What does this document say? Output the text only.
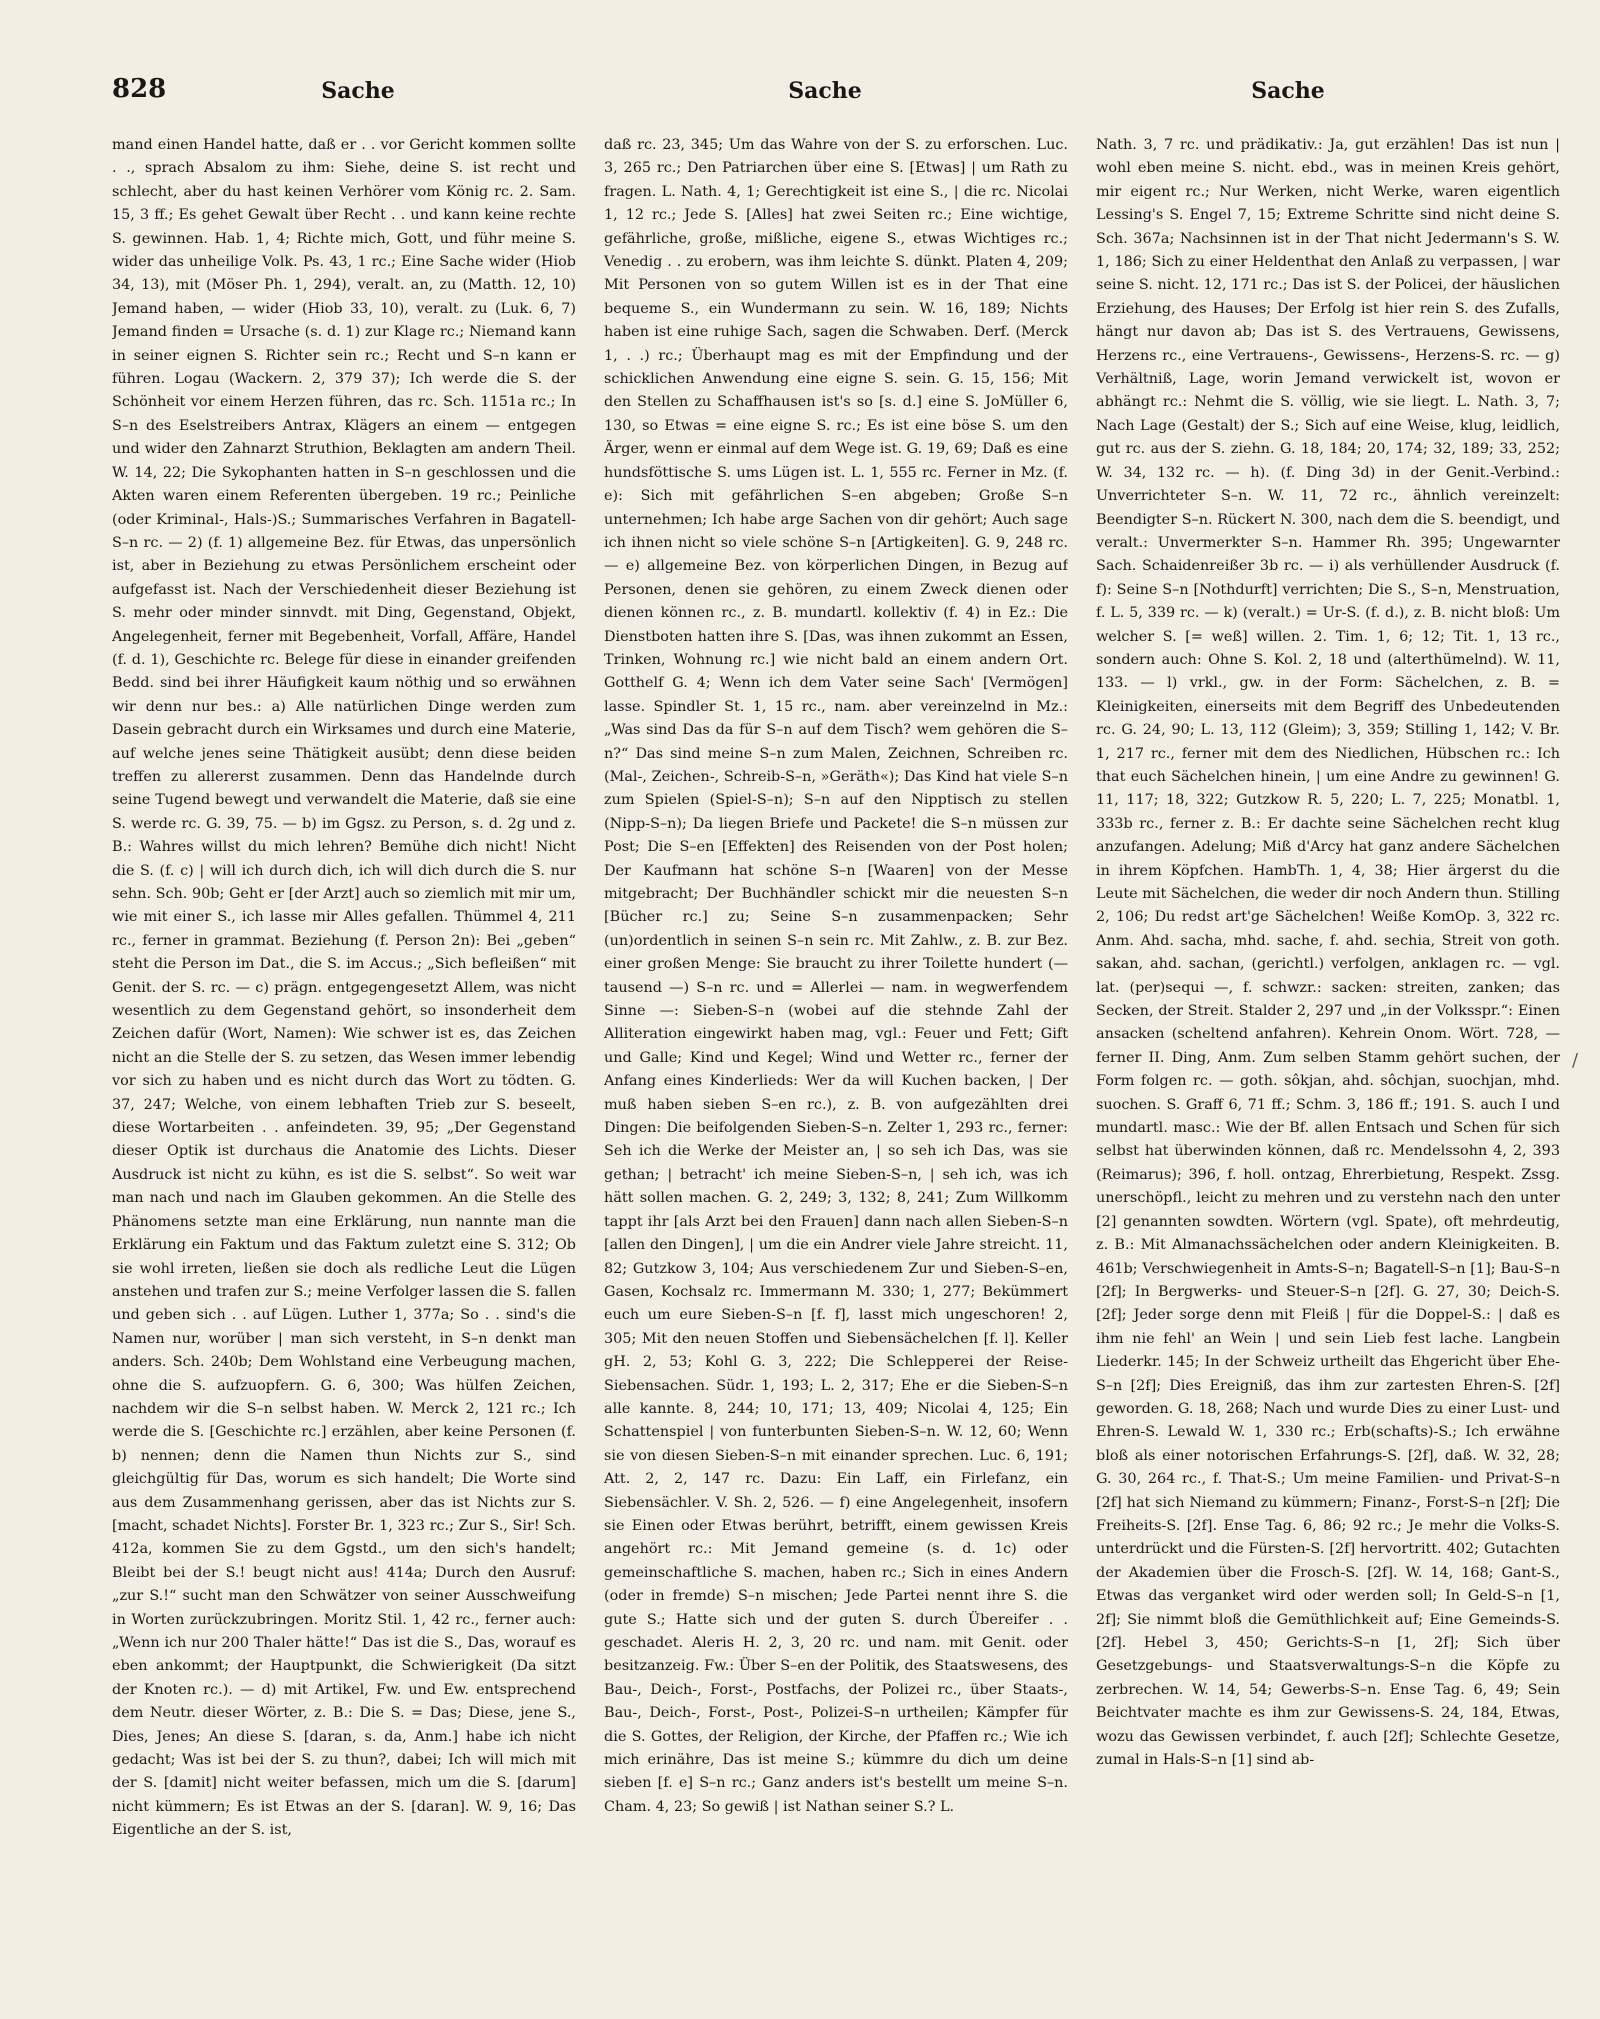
828	Sache	Sache	Sache

mand einen Handel hatte, daß er . . vor Gericht kommen sollte . ., sprach Absalom zu ihm: Siehe, deine S. ist recht und schlecht, aber du hast keinen Verhörer vom König rc. 2. Sam. 15, 3 ff.; Es gehet Gewalt über Recht . . und kann keine rechte S. gewinnen. Hab. 1, 4; Richte mich, Gott, und führ meine S. wider das unheilige Volk. Ps. 43, 1 rc.; Eine Sache wider (Hiob 34, 13), mit (Möser Ph. 1, 294), veralt. an, zu (Matth. 12, 10) Jemand haben, — wider (Hiob 33, 10), veralt. zu (Luk. 6, 7) Jemand finden = Ursache (s. d. 1) zur Klage rc.; Niemand kann in seiner eignen S. Richter sein rc.; Recht und S–n kann er führen. Logau (Wackern. 2, 379 37); Ich werde die S. der Schönheit vor einem Herzen führen, das rc. Sch. 1151a rc.; In S–n des Eselstreibers Antrax, Klägers an einem — entgegen und wider den Zahnarzt Struthion, Beklagten am andern Theil. W. 14, 22; Die Sykophanten hatten in S–n geschlossen und die Akten waren einem Referenten übergeben. 19 rc.; Peinliche (oder Kriminal-, Hals-)S.; Summarisches Verfahren in Bagatell-S–n rc. — 2) (f. 1) allgemeine Bez. für Etwas, das unpersönlich ist, aber in Beziehung zu etwas Persönlichem erscheint oder aufgefasst ist. Nach der Verschiedenheit dieser Beziehung ist S. mehr oder minder sinnvdt. mit Ding, Gegenstand, Objekt, Angelegenheit, ferner mit Begebenheit, Vorfall, Affäre, Handel (f. d. 1), Geschichte rc. Belege für diese in einander greifenden Bedd. sind bei ihrer Häufigkeit kaum nöthig und so erwähnen wir denn nur bes.: a) Alle natürlichen Dinge werden zum Dasein gebracht durch ein Wirksames und durch eine Materie, auf welche jenes seine Thätigkeit ausübt; denn diese beiden treffen zu allererst zusammen. Denn das Handelnde durch seine Tugend bewegt und verwandelt die Materie, daß sie eine S. werde rc. G. 39, 75. — b) im Ggsz. zu Person, s. d. 2g und z. B.: Wahres willst du mich lehren? Bemühe dich nicht! Nicht die S. (f. c) | will ich durch dich, ich will dich durch die S. nur sehn. Sch. 90b; Geht er [der Arzt] auch so ziemlich mit mir um, wie mit einer S., ich lasse mir Alles gefallen. Thümmel 4, 211 rc., ferner in grammat. Beziehung (f. Person 2n): Bei „geben“ steht die Person im Dat., die S. im Accus.; „Sich befleißen“ mit Genit. der S. rc. — c) prägn. entgegengesetzt Allem, was nicht wesentlich zu dem Gegenstand gehört, so insonderheit dem Zeichen dafür (Wort, Namen): Wie schwer ist es, das Zeichen nicht an die Stelle der S. zu setzen, das Wesen immer lebendig vor sich zu haben und es nicht durch das Wort zu tödten. G. 37, 247; Welche, von einem lebhaften Trieb zur S. beseelt, diese Wortarbeiten . . anfeindeten. 39, 95; „Der Gegenstand dieser Optik ist durchaus die Anatomie des Lichts. Dieser Ausdruck ist nicht zu kühn, es ist die S. selbst“. So weit war man nach und nach im Glauben gekommen. An die Stelle des Phänomens setzte man eine Erklärung, nun nannte man die Erklärung ein Faktum und das Faktum zuletzt eine S. 312; Ob sie wohl irreten, ließen sie doch als redliche Leut die Lügen anstehen und trafen zur S.; meine Verfolger lassen die S. fallen und geben sich . . auf Lügen. Luther 1, 377a; So . . sind's die Namen nur, worüber | man sich versteht, in S–n denkt man anders. Sch. 240b; Dem Wohlstand eine Verbeugung machen, ohne die S. aufzuopfern. G. 6, 300; Was hülfen Zeichen, nachdem wir die S–n selbst haben. W. Merck 2, 121 rc.; Ich werde die S. [Geschichte rc.] erzählen, aber keine Personen (f. b) nennen; denn die Namen thun Nichts zur S., sind gleichgültig für Das, worum es sich handelt; Die Worte sind aus dem Zusammenhang gerissen, aber das ist Nichts zur S. [macht, schadet Nichts]. Forster Br. 1, 323 rc.; Zur S., Sir! Sch. 412a, kommen Sie zu dem Ggstd., um den sich's handelt; Bleibt bei der S.! beugt nicht aus! 414a; Durch den Ausruf: „zur S.!“ sucht man den Schwätzer von seiner Ausschweifung in Worten zurückzubringen. Moritz Stil. 1, 42 rc., ferner auch: „Wenn ich nur 200 Thaler hätte!“ Das ist die S., Das, worauf es eben ankommt; der Hauptpunkt, die Schwierigkeit (Da sitzt der Knoten rc.). — d) mit Artikel, Fw. und Ew. entsprechend dem Neutr. dieser Wörter, z. B.: Die S. = Das; Diese, jene S., Dies, Jenes; An diese S. [daran, s. da, Anm.] habe ich nicht gedacht; Was ist bei der S. zu thun?, dabei; Ich will mich mit der S. [damit] nicht weiter befassen, mich um die S. [darum] nicht kümmern; Es ist Etwas an der S. [daran]. W. 9, 16; Das Eigentliche an der S. ist,

daß rc. 23, 345; Um das Wahre von der S. zu erforschen. Luc. 3, 265 rc.; Den Patriarchen über eine S. [Etwas] | um Rath zu fragen. L. Nath. 4, 1; Gerechtigkeit ist eine S., | die rc. Nicolai 1, 12 rc.; Jede S. [Alles] hat zwei Seiten rc.; Eine wichtige, gefährliche, große, mißliche, eigene S., etwas Wichtiges rc.; Venedig . . zu erobern, was ihm leichte S. dünkt. Platen 4, 209; Mit Personen von so gutem Willen ist es in der That eine bequeme S., ein Wundermann zu sein. W. 16, 189; Nichts haben ist eine ruhige Sach, sagen die Schwaben. Derf. (Merck 1, . .) rc.; Überhaupt mag es mit der Empfindung und der schicklichen Anwendung eine eigne S. sein. G. 15, 156; Mit den Stellen zu Schaffhausen ist's so [s. d.] eine S. JoMüller 6, 130, so Etwas = eine eigne S. rc.; Es ist eine böse S. um den Ärger, wenn er einmal auf dem Wege ist. G. 19, 69; Daß es eine hundsföttische S. ums Lügen ist. L. 1, 555 rc. Ferner in Mz. (f. e): Sich mit gefährlichen S–en abgeben; Große S–n unternehmen; Ich habe arge Sachen von dir gehört; Auch sage ich ihnen nicht so viele schöne S–n [Artigkeiten]. G. 9, 248 rc. — e) allgemeine Bez. von körperlichen Dingen, in Bezug auf Personen, denen sie gehören, zu einem Zweck dienen oder dienen können rc., z. B. mundartl. kollektiv (f. 4) in Ez.: Die Dienstboten hatten ihre S. [Das, was ihnen zukommt an Essen, Trinken, Wohnung rc.] wie nicht bald an einem andern Ort. Gotthelf G. 4; Wenn ich dem Vater seine Sach' [Vermögen] lasse. Spindler St. 1, 15 rc., nam. aber vereinzelnd in Mz.: „Was sind Das da für S–n auf dem Tisch? wem gehören die S–n?“ Das sind meine S–n zum Malen, Zeichnen, Schreiben rc. (Mal-, Zeichen-, Schreib-S–n, »Geräth«); Das Kind hat viele S–n zum Spielen (Spiel-S–n); S–n auf den Nipptisch zu stellen (Nipp-S–n); Da liegen Briefe und Packete! die S–n müssen zur Post; Die S–en [Effekten] des Reisenden von der Post holen; Der Kaufmann hat schöne S–n [Waaren] von der Messe mitgebracht; Der Buchhändler schickt mir die neuesten S–n [Bücher rc.] zu; Seine S–n zusammenpacken; Sehr (un)ordentlich in seinen S–n sein rc. Mit Zahlw., z. B. zur Bez. einer großen Menge: Sie braucht zu ihrer Toilette hundert (— tausend —) S–n rc. und = Allerlei — nam. in wegwerfendem Sinne —: Sieben-S–n (wobei auf die stehnde Zahl der Alliteration eingewirkt haben mag, vgl.: Feuer und Fett; Gift und Galle; Kind und Kegel; Wind und Wetter rc., ferner der Anfang eines Kinderlieds: Wer da will Kuchen backen, | Der muß haben sieben S–en rc.), z. B. von aufgezählten drei Dingen: Die beifolgenden Sieben-S–n. Zelter 1, 293 rc., ferner: Seh ich die Werke der Meister an, | so seh ich Das, was sie gethan; | betracht' ich meine Sieben-S–n, | seh ich, was ich hätt sollen machen. G. 2, 249; 3, 132; 8, 241; Zum Willkomm tappt ihr [als Arzt bei den Frauen] dann nach allen Sieben-S–n [allen den Dingen], | um die ein Andrer viele Jahre streicht. 11, 82; Gutzkow 3, 104; Aus verschiedenem Zur und Sieben-S–en, Gasen, Kochsalz rc. Immermann M. 330; 1, 277; Bekümmert euch um eure Sieben-S–n [f. f], lasst mich ungeschoren! 2, 305; Mit den neuen Stoffen und Siebensächelchen [f. l]. Keller gH. 2, 53; Kohl G. 3, 222; Die Schlepperei der Reise-Siebensachen. Südr. 1, 193; L. 2, 317; Ehe er die Sieben-S–n alle kannte. 8, 244; 10, 171; 13, 409; Nicolai 4, 125; Ein Schattenspiel | von funterbunten Sieben-S–n. W. 12, 60; Wenn sie von diesen Sieben-S–n mit einander sprechen. Luc. 6, 191; Att. 2, 2, 147 rc. Dazu: Ein Laff, ein Firlefanz, ein Siebensächler. V. Sh. 2, 526. — f) eine Angelegenheit, insofern sie Einen oder Etwas berührt, betrifft, einem gewissen Kreis angehört rc.: Mit Jemand gemeine (s. d. 1c) oder gemeinschaftliche S. machen, haben rc.; Sich in eines Andern (oder in fremde) S–n mischen; Jede Partei nennt ihre S. die gute S.; Hatte sich und der guten S. durch Übereifer . . geschadet. Aleris H. 2, 3, 20 rc. und nam. mit Genit. oder besitzanzeig. Fw.: Über S–en der Politik, des Staatswesens, des Bau-, Deich-, Forst-, Postfachs, der Polizei rc., über Staats-, Bau-, Deich-, Forst-, Post-, Polizei-S–n urtheilen; Kämpfer für die S. Gottes, der Religion, der Kirche, der Pfaffen rc.; Wie ich mich erinähre, Das ist meine S.; kümmre du dich um deine sieben [f. e] S–n rc.; Ganz anders ist's bestellt um meine S–n. Cham. 4, 23; So gewiß | ist Nathan seiner S.? L.

Nath. 3, 7 rc. und prädikativ.: Ja, gut erzählen! Das ist nun | wohl eben meine S. nicht. ebd., was in meinen Kreis gehört, mir eigent rc.; Nur Werken, nicht Werke, waren eigentlich Lessing's S. Engel 7, 15; Extreme Schritte sind nicht deine S. Sch. 367a; Nachsinnen ist in der That nicht Jedermann's S. W. 1, 186; Sich zu einer Heldenthat den Anlaß zu verpassen, | war seine S. nicht. 12, 171 rc.; Das ist S. der Policei, der häuslichen Erziehung, des Hauses; Der Erfolg ist hier rein S. des Zufalls, hängt nur davon ab; Das ist S. des Vertrauens, Gewissens, Herzens rc., eine Vertrauens-, Gewissens-, Herzens-S. rc. — g) Verhältniß, Lage, worin Jemand verwickelt ist, wovon er abhängt rc.: Nehmt die S. völlig, wie sie liegt. L. Nath. 3, 7; Nach Lage (Gestalt) der S.; Sich auf eine Weise, klug, leidlich, gut rc. aus der S. ziehn. G. 18, 184; 20, 174; 32, 189; 33, 252; W. 34, 132 rc. — h). (f. Ding 3d) in der Genit.-Verbind.: Unverrichteter S–n. W. 11, 72 rc., ähnlich vereinzelt: Beendigter S–n. Rückert N. 300, nach dem die S. beendigt, und veralt.: Unvermerkter S–n. Hammer Rh. 395; Ungewarnter Sach. Schaidenreißer 3b rc. — i) als verhüllender Ausdruck (f. f): Seine S–n [Nothdurft] verrichten; Die S., S–n, Menstruation, f. L. 5, 339 rc. — k) (veralt.) = Ur-S. (f. d.), z. B. nicht bloß: Um welcher S. [= weß] willen. 2. Tim. 1, 6; 12; Tit. 1, 13 rc., sondern auch: Ohne S. Kol. 2, 18 und (alterthümelnd). W. 11, 133. — l) vrkl., gw. in der Form: Sächelchen, z. B. = Kleinigkeiten, einerseits mit dem Begriff des Unbedeutenden rc. G. 24, 90; L. 13, 112 (Gleim); 3, 359; Stilling 1, 142; V. Br. 1, 217 rc., ferner mit dem des Niedlichen, Hübschen rc.: Ich that euch Sächelchen hinein, | um eine Andre zu gewinnen! G. 11, 117; 18, 322; Gutzkow R. 5, 220; L. 7, 225; Monatbl. 1, 333b rc., ferner z. B.: Er dachte seine Sächelchen recht klug anzufangen. Adelung; Miß d'Arcy hat ganz andere Sächelchen in ihrem Köpfchen. HambTh. 1, 4, 38; Hier ärgerst du die Leute mit Sächelchen, die weder dir noch Andern thun. Stilling 2, 106; Du redst art'ge Sächelchen! Weiße KomOp. 3, 322 rc. Anm. Ahd. sacha, mhd. sache, f. ahd. sechia, Streit von goth. sakan, ahd. sachan, (gerichtl.) verfolgen, anklagen rc. — vgl. lat. (per)sequi —, f. schwzr.: sacken: streiten, zanken; das Secken, der Streit. Stalder 2, 297 und „in der Volksspr.“: Einen ansacken (scheltend anfahren). Kehrein Onom. Wört. 728, — ferner II. Ding, Anm. Zum selben Stamm gehört suchen, der Form folgen rc. — goth. sôkjan, ahd. sôchjan, suochjan, mhd. suochen. S. Graff 6, 71 ff.; Schm. 3, 186 ff.; 191. S. auch I und mundartl. masc.: Wie der Bf. allen Entsach und Schen für sich selbst hat überwinden können, daß rc. Mendelssohn 4, 2, 393 (Reimarus); 396, f. holl. ontzag, Ehrerbietung, Respekt. Zssg. unerschöpfl., leicht zu mehren und zu verstehn nach den unter [2] genannten sowdten. Wörtern (vgl. Spate), oft mehrdeutig, z. B.: Mit Almanachssächelchen oder andern Kleinigkeiten. B. 461b; Verschwiegenheit in Amts-S–n; Bagatell-S–n [1]; Bau-S–n [2f]; In Bergwerks- und Steuer-S–n [2f]. G. 27, 30; Deich-S. [2f]; Jeder sorge denn mit Fleiß | für die Doppel-S.: | daß es ihm nie fehl' an Wein | und sein Lieb fest lache. Langbein Liederkr. 145; In der Schweiz urtheilt das Ehgericht über Ehe-S–n [2f]; Dies Ereigniß, das ihm zur zartesten Ehren-S. [2f] geworden. G. 18, 268; Nach und wurde Dies zu einer Lust- und Ehren-S. Lewald W. 1, 330 rc.; Erb(schafts)-S.; Ich erwähne bloß als einer notorischen Erfahrungs-S. [2f], daß. W. 32, 28; G. 30, 264 rc., f. That-S.; Um meine Familien- und Privat-S–n [2f] hat sich Niemand zu kümmern; Finanz-, Forst-S–n [2f]; Die Freiheits-S. [2f]. Ense Tag. 6, 86; 92 rc.; Je mehr die Volks-S. unterdrückt und die Fürsten-S. [2f] hervortritt. 402; Gutachten der Akademien über die Frosch-S. [2f]. W. 14, 168; Gant-S., Etwas das verganket wird oder werden soll; In Geld-S–n [1, 2f]; Sie nimmt bloß die Gemüthlichkeit auf; Eine Gemeinds-S. [2f]. Hebel 3, 450; Gerichts-S–n [1, 2f]; Sich über Gesetzgebungs- und Staatsverwaltungs-S–n die Köpfe zu zerbrechen. W. 14, 54; Gewerbs-S–n. Ense Tag. 6, 49; Sein Beichtvater machte es ihm zur Gewissens-S. 24, 184, Etwas, wozu das Gewissen verbindet, f. auch [2f]; Schlechte Gesetze, zumal in Hals-S–n [1] sind ab-

/
